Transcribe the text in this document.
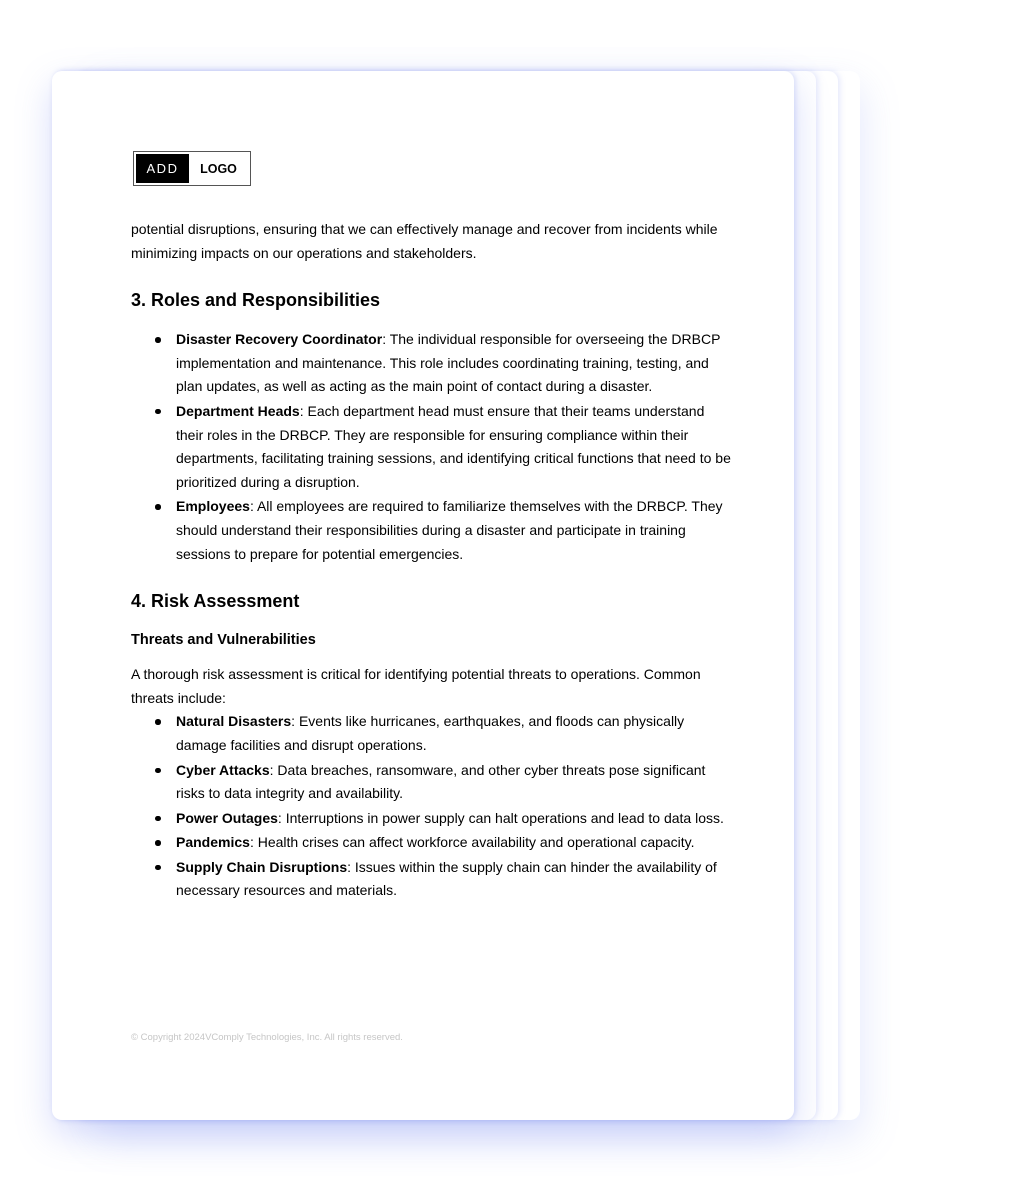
ADD	LOGO

potential disruptions, ensuring that we can effectively manage and recover from incidents while minimizing impacts on our operations and stakeholders.

3. Roles and Responsibilities
Disaster Recovery Coordinator: The individual responsible for overseeing the DRBCP implementation and maintenance. This role includes coordinating training, testing, and plan updates, as well as acting as the main point of contact during a disaster.
Department Heads: Each department head must ensure that their teams understand their roles in the DRBCP. They are responsible for ensuring compliance within their departments, facilitating training sessions, and identifying critical functions that need to be prioritized during a disruption.
Employees: All employees are required to familiarize themselves with the DRBCP. They should understand their responsibilities during a disaster and participate in training sessions to prepare for potential emergencies.
4. Risk Assessment
Threats and Vulnerabilities

A thorough risk assessment is critical for identifying potential threats to operations. Common threats include:

Natural Disasters: Events like hurricanes, earthquakes, and floods can physically damage facilities and disrupt operations.
Cyber Attacks: Data breaches, ransomware, and other cyber threats pose significant risks to data integrity and availability.
Power Outages: Interruptions in power supply can halt operations and lead to data loss.
Pandemics: Health crises can affect workforce availability and operational capacity.
Supply Chain Disruptions: Issues within the supply chain can hinder the availability of necessary resources and materials.
© Copyright 2024VComply Technologies, Inc. All rights reserved.
